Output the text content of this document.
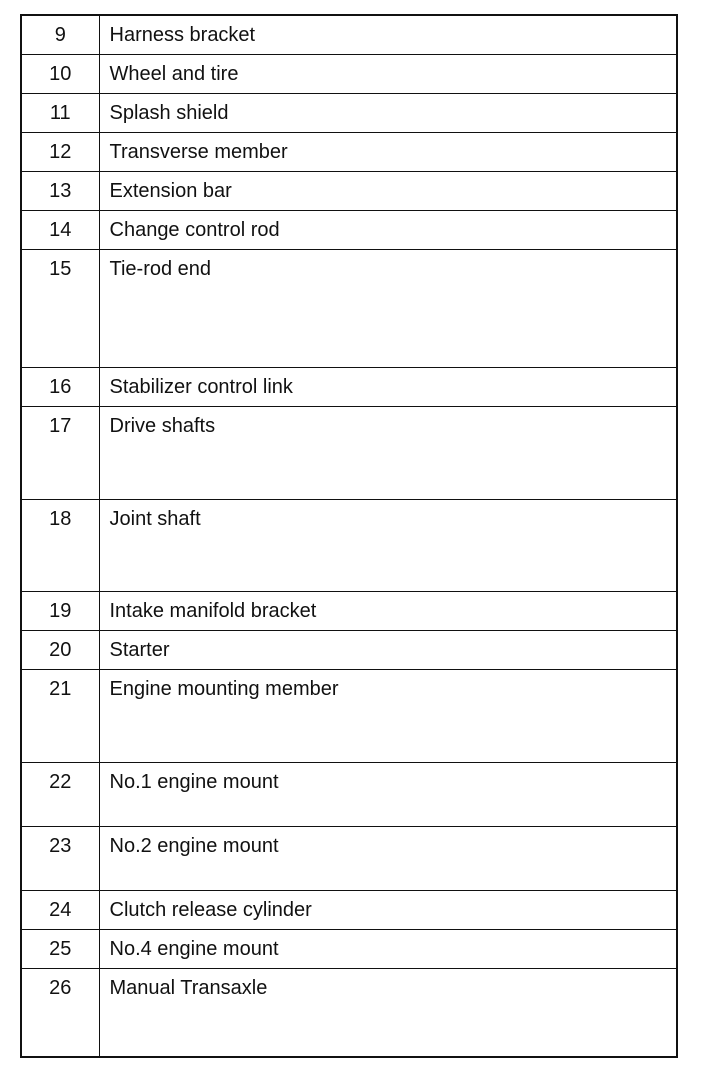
9	Harness bracket
10	Wheel and tire
11	Splash shield
12	Transverse member
13	Extension bar
14	Change control rod
15	Tie-rod end
16	Stabilizer control link
17	Drive shafts
18	Joint shaft
19	Intake manifold bracket
20	Starter
21	Engine mounting member
22	No.1 engine mount
23	No.2 engine mount
24	Clutch release cylinder
25	No.4 engine mount
26	Manual Transaxle
